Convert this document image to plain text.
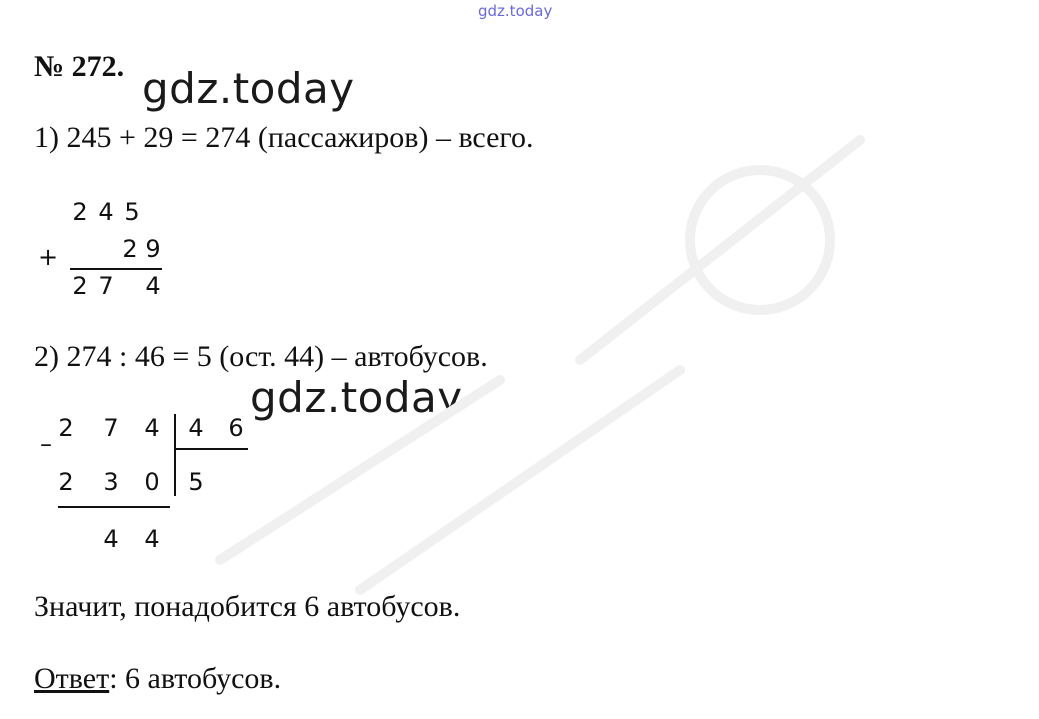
gdz.today
№ 272. gdz.today
1) 245 + 29 = 274 (пассажиров) – всего.
+
2 4 5
2 9
2 7 4
2) 274 : 46 = 5 (ост. 44) – автобусов.
gdz.today
–
2 7 4 4 6
2 3 0 5
4 4
Значит, понадобится 6 автобусов.
Ответ: 6 автобусов.
